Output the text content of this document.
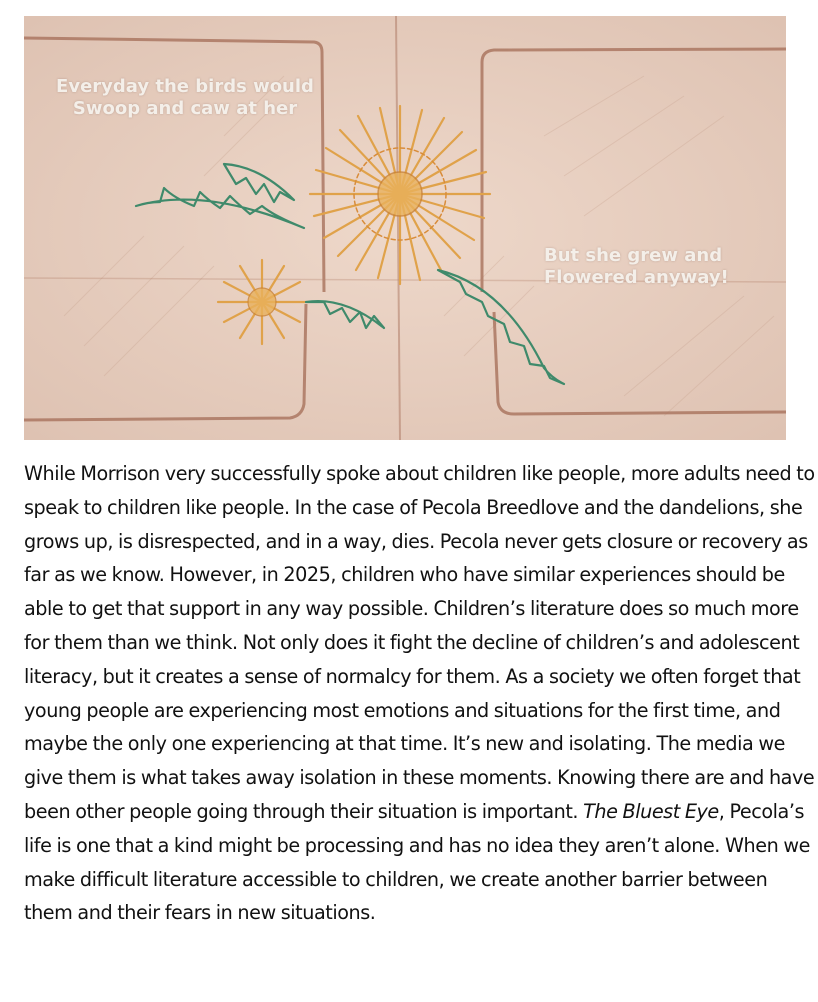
Everyday the birds would
Swoop and caw at her
But she grew and
Flowered anyway!
While Morrison very successfully spoke about children like people, more adults need to speak to children like people. In the case of Pecola Breedlove and the dandelions, she grows up, is disrespected, and in a way, dies. Pecola never gets closure or recovery as far as we know. However, in 2025, children who have similar experiences should be able to get that support in any way possible. Children’s literature does so much more for them than we think. Not only does it fight the decline of children’s and adolescent literacy, but it creates a sense of normalcy for them. As a society we often forget that young people are experiencing most emotions and situations for the first time, and maybe the only one experiencing at that time. It’s new and isolating. The media we give them is what takes away isolation in these moments. Knowing there are and have been other people going through their situation is important. The Bluest Eye, Pecola’s life is one that a kind might be processing and has no idea they aren’t alone. When we make difficult literature accessible to children, we create another barrier between them and their fears in new situations.
